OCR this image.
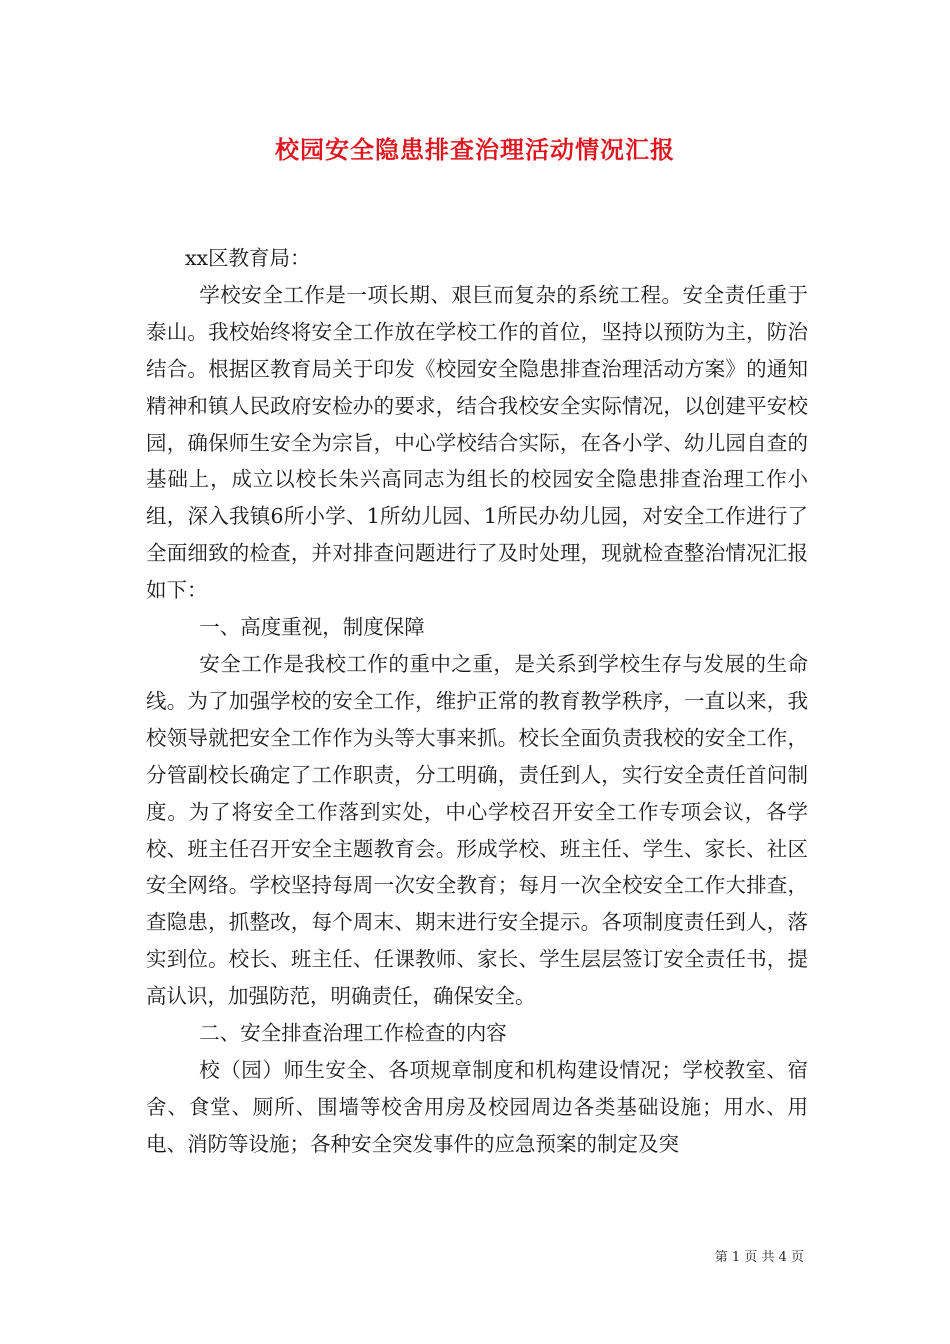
校园安全隐患排查治理活动情况汇报

xx区教育局：

学校安全工作是一项长期、艰巨而复杂的系统工程。安全责任重于泰山。我校始终将安全工作放在学校工作的首位，坚持以预防为主，防治结合。根据区教育局关于印发《校园安全隐患排查治理活动方案》的通知精神和镇人民政府安检办的要求，结合我校安全实际情况，以创建平安校园，确保师生安全为宗旨，中心学校结合实际，在各小学、幼儿园自查的基础上，成立以校长朱兴高同志为组长的校园安全隐患排查治理工作小组，深入我镇6所小学、1所幼儿园、1所民办幼儿园，对安全工作进行了全面细致的检查，并对排查问题进行了及时处理，现就检查整治情况汇报如下：

一、高度重视，制度保障

安全工作是我校工作的重中之重，是关系到学校生存与发展的生命线。为了加强学校的安全工作，维护正常的教育教学秩序，一直以来，我校领导就把安全工作作为头等大事来抓。校长全面负责我校的安全工作，分管副校长确定了工作职责，分工明确，责任到人，实行安全责任首问制度。为了将安全工作落到实处，中心学校召开安全工作专项会议，各学校、班主任召开安全主题教育会。形成学校、班主任、学生、家长、社区安全网络。学校坚持每周一次安全教育；每月一次全校安全工作大排查，查隐患，抓整改，每个周末、期末进行安全提示。各项制度责任到人，落实到位。校长、班主任、任课教师、家长、学生层层签订安全责任书，提高认识，加强防范，明确责任，确保安全。

二、安全排查治理工作检查的内容

校（园）师生安全、各项规章制度和机构建设情况；学校教室、宿舍、食堂、厕所、围墙等校舍用房及校园周边各类基础设施；用水、用电、消防等设施；各种安全突发事件的应急预案的制定及突

第 1 页 共 4 页
